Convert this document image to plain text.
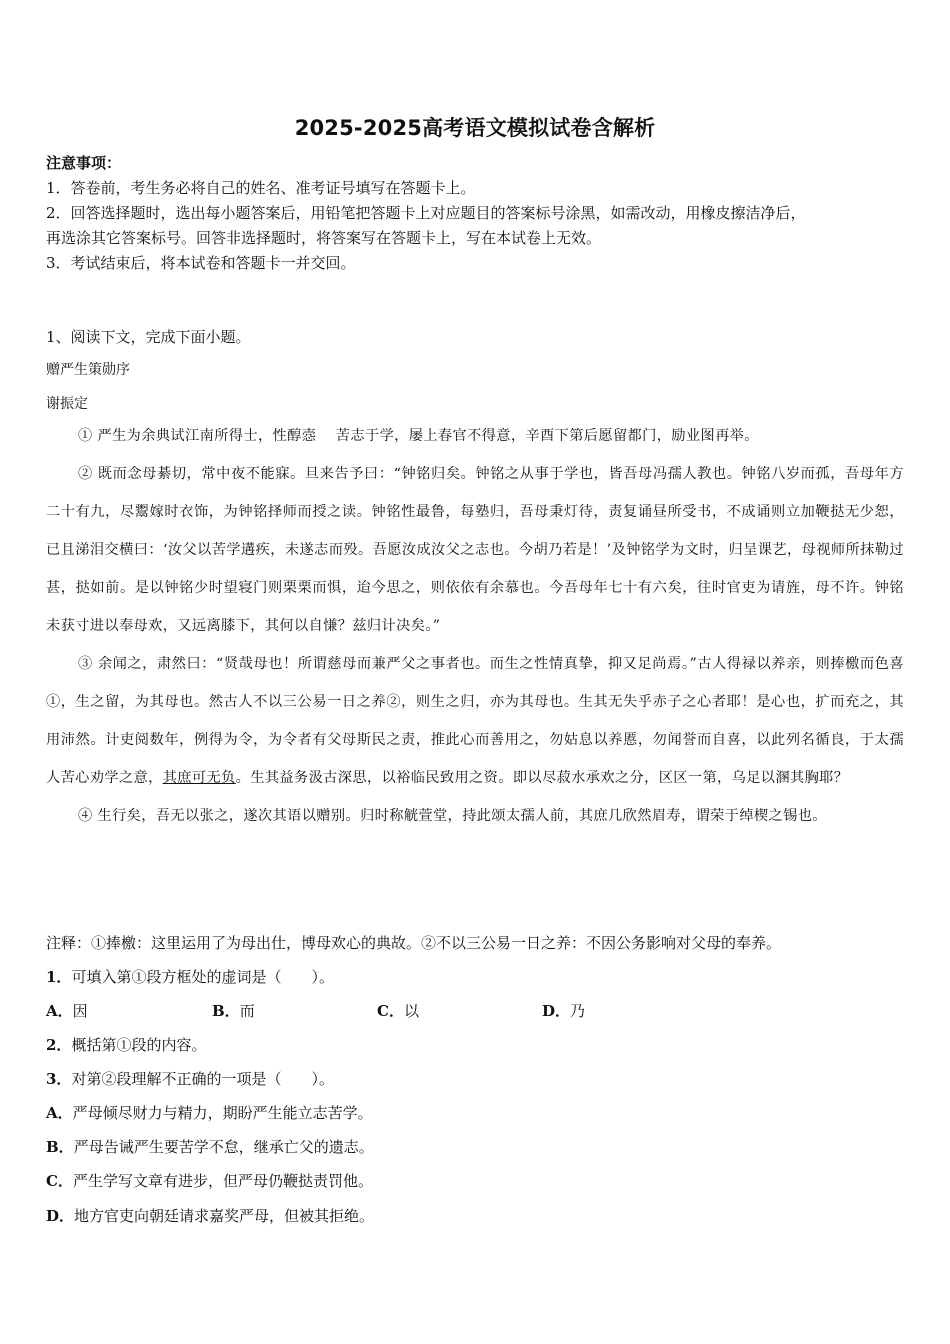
2025-2025高考语文模拟试卷含解析
注意事项：
1．答卷前，考生务必将自己的姓名、准考证号填写在答题卡上。
2．回答选择题时，选出每小题答案后，用铅笔把答题卡上对应题目的答案标号涂黑，如需改动，用橡皮擦洁净后，
再选涂其它答案标号。回答非选择题时，将答案写在答题卡上，写在本试卷上无效。
3．考试结束后，将本试卷和答题卡一并交回。
1、阅读下文，完成下面小题。
赠严生策勋序
谢振定

① 严生为余典试江南所得士，性醇悫　 苦志于学，屡上春官不得意，辛酉下第后愿留都门，励业图再举。

② 既而念母綦切，常中夜不能寐。旦来告予曰：“钟铭归矣。钟铭之从事于学也，皆吾母冯孺人教也。钟铭八岁而孤，吾母年方二十有九，尽鬻嫁时衣饰，为钟铭择师而授之读。钟铭性最鲁，每塾归，吾母秉灯待，责复诵昼所受书，不成诵则立加鞭挞无少恕，已且涕泪交横曰：‘汝父以苦学遘疾，未遂志而殁。吾愿汝成汝父之志也。今胡乃若是！’及钟铭学为文时，归呈课艺，母视师所抹勒过甚，挞如前。是以钟铭少时望寝门则栗栗而惧，迨今思之，则依依有余慕也。今吾母年七十有六矣，往时官吏为请旌，母不许。钟铭未获寸进以奉母欢，又远离膝下，其何以自慊？兹归计决矣。”

③ 余闻之，肃然曰：“贤哉母也！所谓慈母而兼严父之事者也。而生之性情真挚，抑又足尚焉。”古人得禄以养亲，则捧檄而色喜①，生之留，为其母也。然古人不以三公易一日之养②，则生之归，亦为其母也。生其无失乎赤子之心者耶！是心也，扩而充之，其用沛然。计吏阅数年，例得为令，为令者有父母斯民之责，推此心而善用之，勿姑息以养慝，勿闻誉而自喜，以此列名循良，于太孺人苦心劝学之意，其庶可无负。生其益务汲古深思，以裕临民致用之资。即以尽菽水承欢之分，区区一第，乌足以溷其胸耶？

④ 生行矣，吾无以张之，遂次其语以赠别。归时称觥萱堂，持此颂太孺人前，其庶几欣然眉寿，谓荣于绰楔之锡也。

注释：①捧檄：这里运用了为母出仕，博母欢心的典故。②不以三公易一日之养：不因公务影响对父母的奉养。
1．可填入第①段方框处的虚词是（　　）。
A．因	B．而	C．以	D．乃
2．概括第①段的内容。
3．对第②段理解不正确的一项是（　　）。
A．严母倾尽财力与精力，期盼严生能立志苦学。
B．严母告诫严生要苦学不怠，继承亡父的遗志。
C．严生学写文章有进步，但严母仍鞭挞责罚他。
D．地方官吏向朝廷请求嘉奖严母，但被其拒绝。
